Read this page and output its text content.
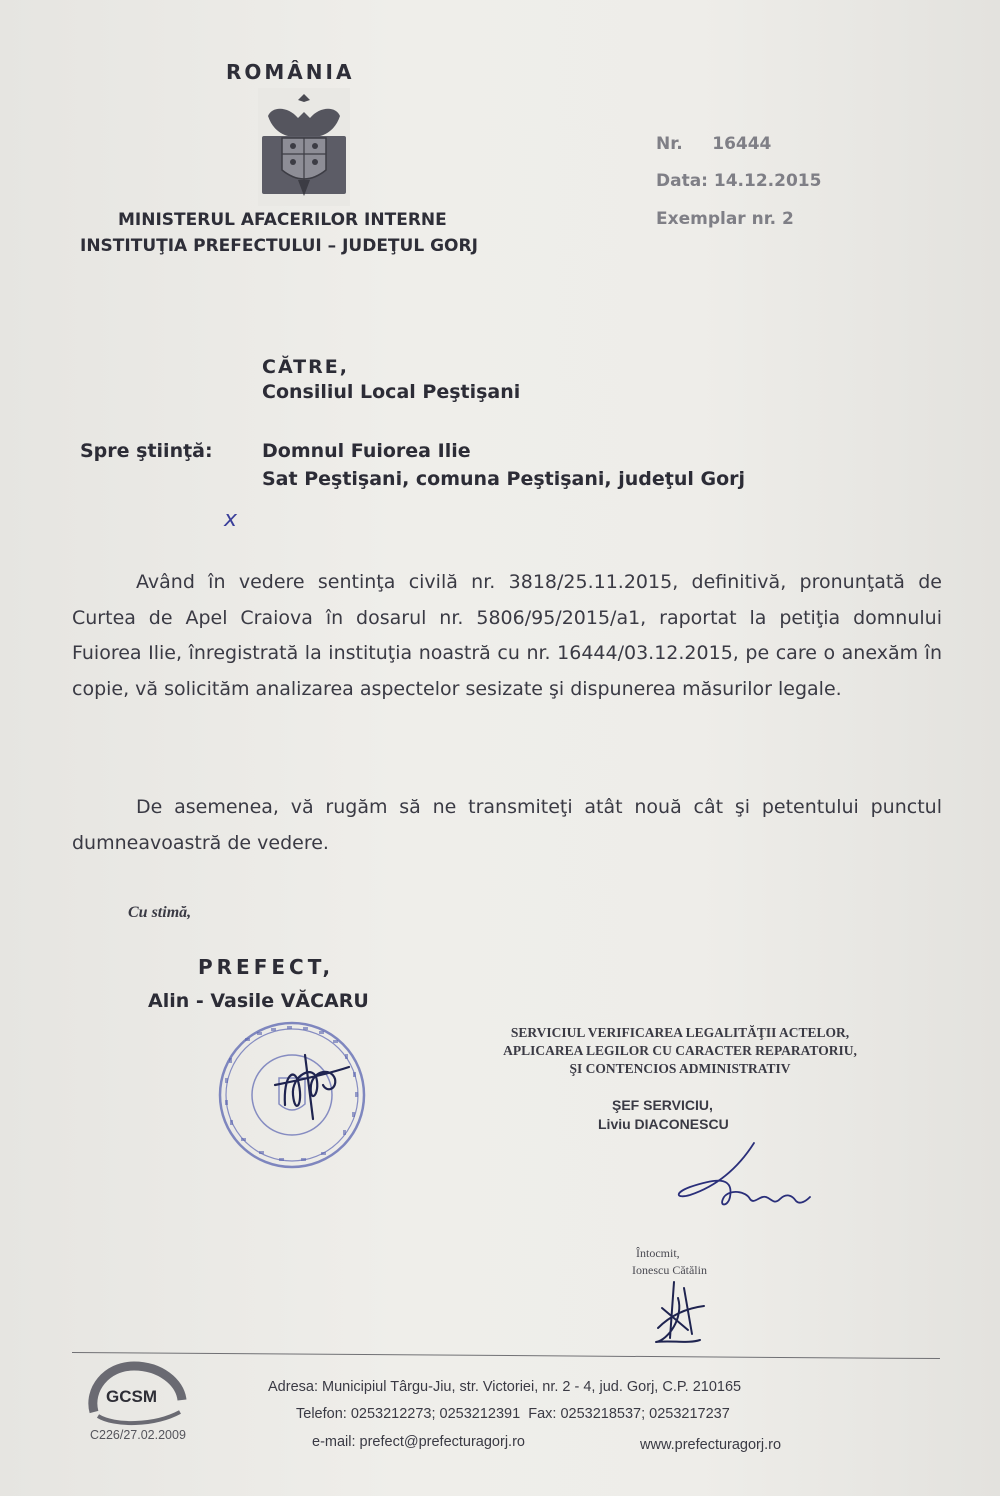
ROMÂNIA
MINISTERUL AFACERILOR INTERNE
INSTITUŢIA PREFECTULUI – JUDEŢUL GORJ
Nr.     16444
Data: 14.12.2015
Exemplar nr. 2
CĂTRE,
Consiliul Local Peştişani
Spre ştiinţă:	Domnul Fuiorea Ilie
Sat Peştişani, comuna Peştişani, judeţul Gorj
x
Având în vedere sentinţa civilă nr. 3818/25.11.2015, definitivă, pronunţată de Curtea de Apel Craiova în dosarul nr. 5806/95/2015/a1, raportat la petiţia domnului Fuiorea Ilie, înregistrată la instituţia noastră cu nr. 16444/03.12.2015, pe care o anexăm în copie, vă solicităm analizarea aspectelor sesizate şi dispunerea măsurilor legale.
De asemenea, vă rugăm să ne transmiteţi atât nouă cât şi petentului punctul dumneavoastră de vedere.
Cu stimă,
PREFECT,
Alin - Vasile VĂCARU
SERVICIUL VERIFICAREA LEGALITĂŢII ACTELOR,
APLICAREA LEGILOR CU CARACTER REPARATORIU,
ŞI CONTENCIOS ADMINISTRATIV
ŞEF SERVICIU,
Liviu DIACONESCU
Întocmit,
Ionescu Cătălin
GCSM
C226/27.02.2009
Adresa: Municipiul Târgu-Jiu, str. Victoriei, nr. 2 - 4, jud. Gorj, C.P. 210165
Telefon: 0253212273; 0253212391  Fax: 0253218537; 0253217237
e-mail: prefect@prefecturagorj.ro	www.prefecturagorj.ro
